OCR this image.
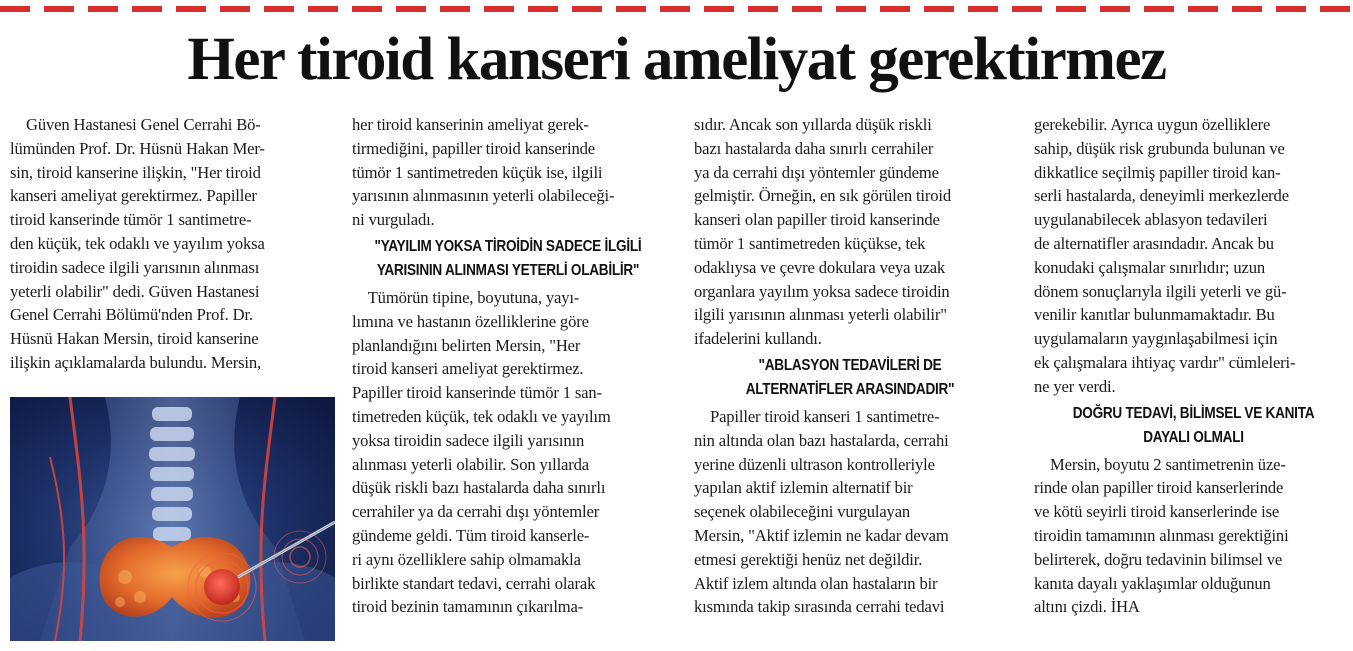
Her tiroid kanseri ameliyat gerektirmez

Güven Hastanesi Genel Cerrahi Bö-
lümünden Prof. Dr. Hüsnü Hakan Mer-
sin, tiroid kanserine ilişkin, "Her tiroid
kanseri ameliyat gerektirmez. Papiller
tiroid kanserinde tümör 1 santimetre-
den küçük, tek odaklı ve yayılım yoksa
tiroidin sadece ilgili yarısının alınması
yeterli olabilir" dedi. Güven Hastanesi
Genel Cerrahi Bölümü'nden Prof. Dr.
Hüsnü Hakan Mersin, tiroid kanserine
ilişkin açıklamalarda bulundu. Mersin,

her tiroid kanserinin ameliyat gerek-
tirmediğini, papiller tiroid kanserinde
tümör 1 santimetreden küçük ise, ilgili
yarısının alınmasının yeterli olabileceği-
ni vurguladı.

"YAYILIM YOKSA TİROİDİN SADECE İLGİLİ
YARISININ ALINMASI YETERLİ OLABİLİR"

Tümörün tipine, boyutuna, yayı-
lımına ve hastanın özelliklerine göre
planlandığını belirten Mersin, "Her
tiroid kanseri ameliyat gerektirmez.
Papiller tiroid kanserinde tümör 1 san-
timetreden küçük, tek odaklı ve yayılım
yoksa tiroidin sadece ilgili yarısının
alınması yeterli olabilir. Son yıllarda
düşük riskli bazı hastalarda daha sınırlı
cerrahiler ya da cerrahi dışı yöntemler
gündeme geldi. Tüm tiroid kanserle-
ri aynı özelliklere sahip olmamakla
birlikte standart tedavi, cerrahi olarak
tiroid bezinin tamamının çıkarılma-

sıdır. Ancak son yıllarda düşük riskli
bazı hastalarda daha sınırlı cerrahiler
ya da cerrahi dışı yöntemler gündeme
gelmiştir. Örneğin, en sık görülen tiroid
kanseri olan papiller tiroid kanserinde
tümör 1 santimetreden küçükse, tek
odaklıysa ve çevre dokulara veya uzak
organlara yayılım yoksa sadece tiroidin
ilgili yarısının alınması yeterli olabilir"
ifadelerini kullandı.

"ABLASYON TEDAVİLERİ DE
ALTERNATİFLER ARASINDADIR"

Papiller tiroid kanseri 1 santimetre-
nin altında olan bazı hastalarda, cerrahi
yerine düzenli ultrason kontrolleriyle
yapılan aktif izlemin alternatif bir
seçenek olabileceğini vurgulayan
Mersin, "Aktif izlemin ne kadar devam
etmesi gerektiği henüz net değildir.
Aktif izlem altında olan hastaların bir
kısmında takip sırasında cerrahi tedavi

gerekebilir. Ayrıca uygun özelliklere
sahip, düşük risk grubunda bulunan ve
dikkatlice seçilmiş papiller tiroid kan-
serli hastalarda, deneyimli merkezlerde
uygulanabilecek ablasyon tedavileri
de alternatifler arasındadır. Ancak bu
konudaki çalışmalar sınırlıdır; uzun
dönem sonuçlarıyla ilgili yeterli ve gü-
venilir kanıtlar bulunmamaktadır. Bu
uygulamaların yaygınlaşabilmesi için
ek çalışmalara ihtiyaç vardır" cümleleri-
ne yer verdi.

DOĞRU TEDAVİ, BİLİMSEL VE KANITA
DAYALI OLMALI

Mersin, boyutu 2 santimetrenin üze-
rinde olan papiller tiroid kanserlerinde
ve kötü seyirli tiroid kanserlerinde ise
tiroidin tamamının alınması gerektiğini
belirterek, doğru tedavinin bilimsel ve
kanıta dayalı yaklaşımlar olduğunun
altını çizdi. İHA
